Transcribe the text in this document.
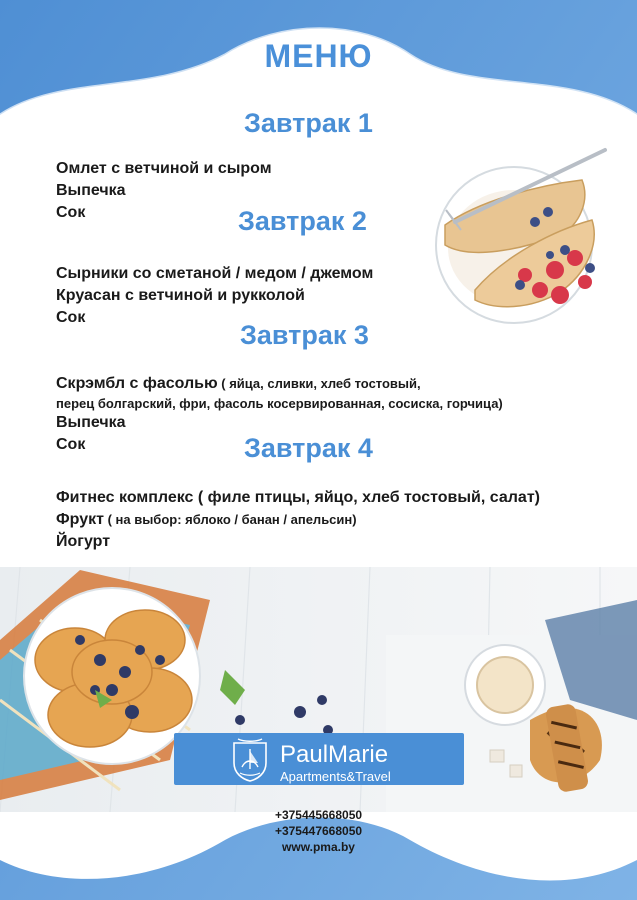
МЕНЮ
Завтрак 1
Омлет с ветчиной и сыром
Выпечка
Сок	Завтрак 2
Сырники со сметаной / медом / джемом
Круасан с ветчиной и рукколой
Сок
Завтрак 3
Скрэмбл с фасолью ( яйца, сливки, хлеб тостовый,
перец болгарский, фри, фасоль косервированная, сосиска, горчица)
Выпечка
Сок	Завтрак 4
Фитнес комплекс ( филе птицы, яйцо, хлеб тостовый, салат)
Фрукт ( на выбор: яблоко / банан / апельсин)
Йогурт
PaulMarie
Apartments&Travel
+375445668050
+375447668050
www.pma.by
